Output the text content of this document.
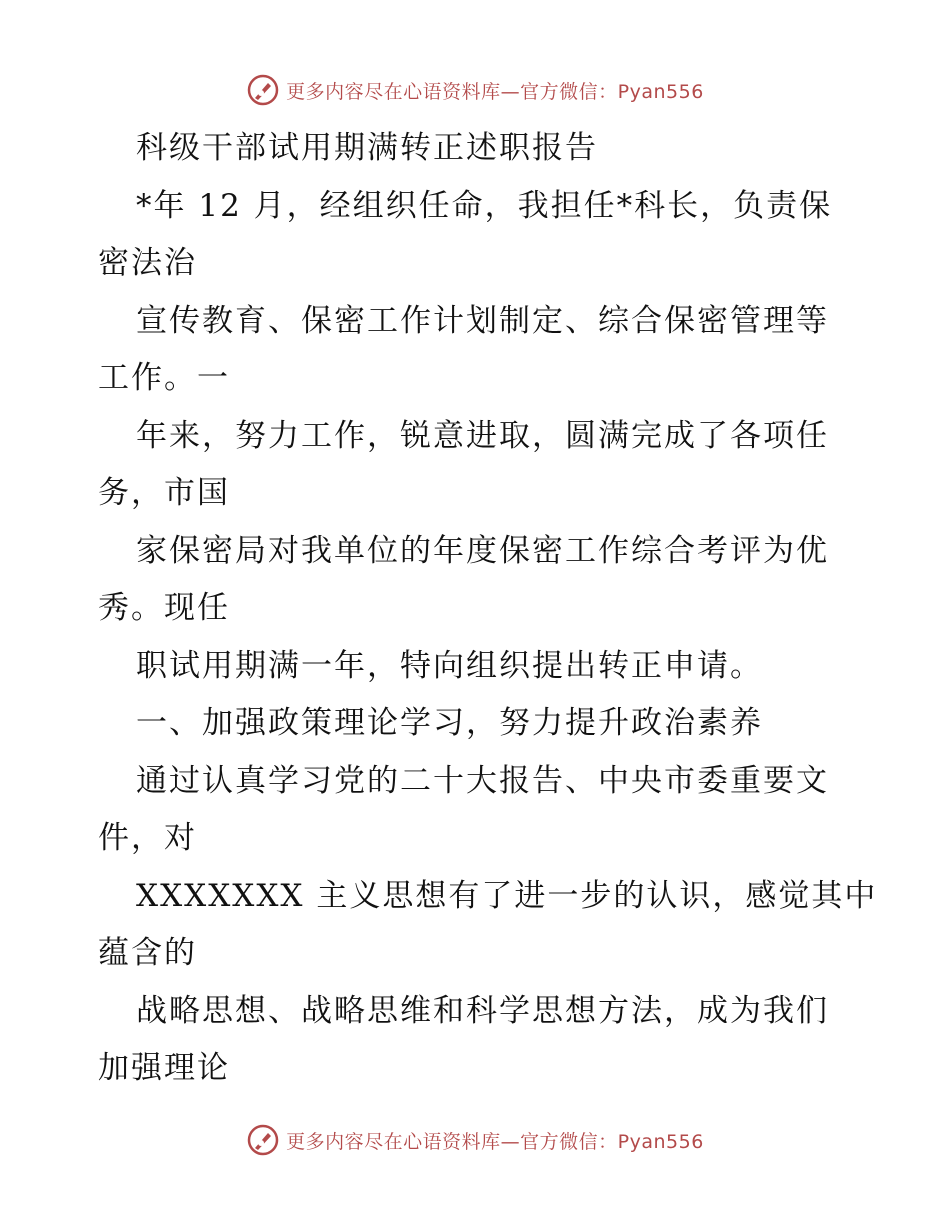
更多内容尽在心语资料库—官方微信：Pyan556
科级干部试用期满转正述职报告
*年 12 月，经组织任命，我担任*科长，负责保
密法治
宣传教育、保密工作计划制定、综合保密管理等
工作。一
年来，努力工作，锐意进取，圆满完成了各项任
务，市国
家保密局对我单位的年度保密工作综合考评为优
秀。现任
职试用期满一年，特向组织提出转正申请。
一、加强政策理论学习，努力提升政治素养
通过认真学习党的二十大报告、中央市委重要文
件，对
XXXXXXX 主义思想有了进一步的认识，感觉其中
蕴含的
战略思想、战略思维和科学思想方法，成为我们
加强理论
更多内容尽在心语资料库—官方微信：Pyan556
